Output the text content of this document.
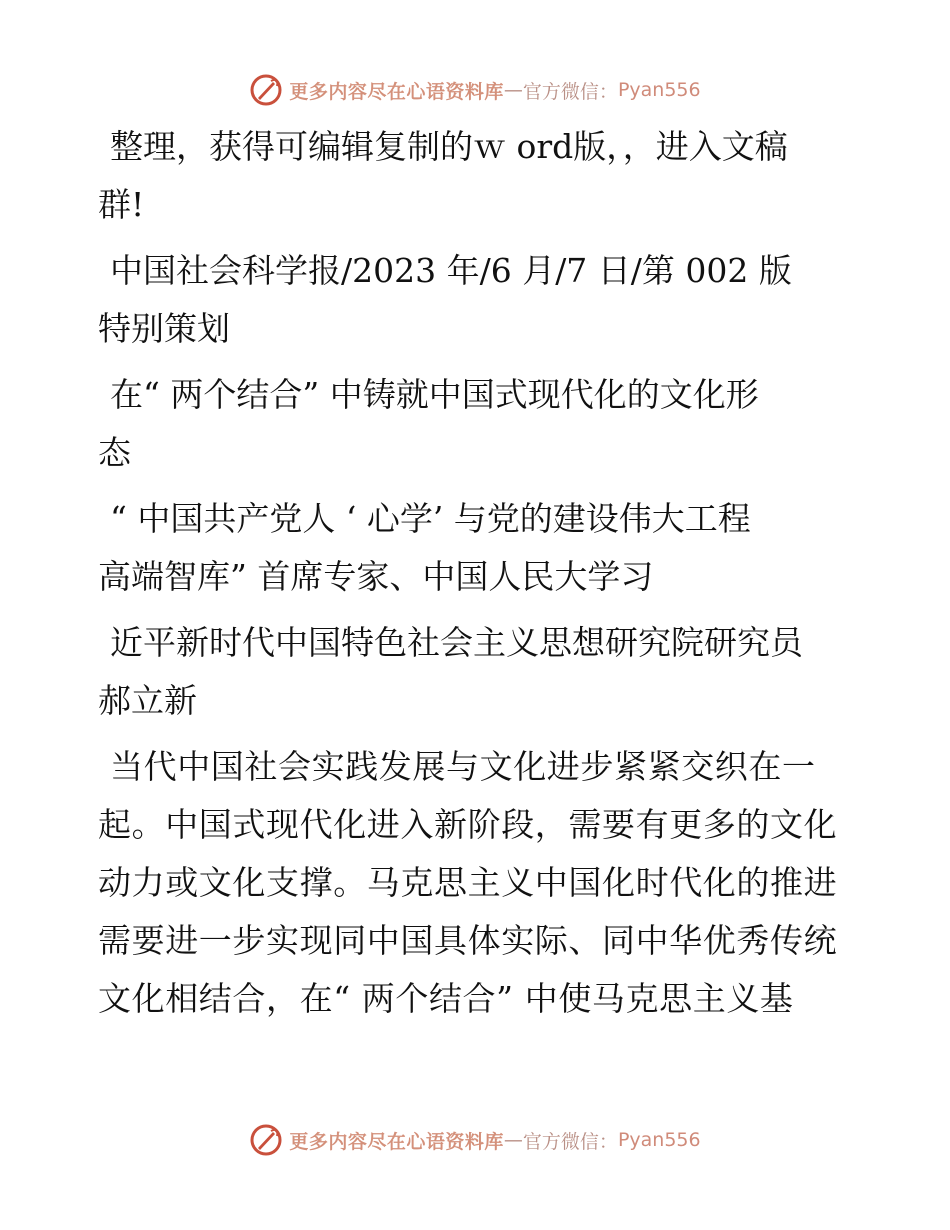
更多内容尽在心语资料库 — 官方微信： Pyan556
整理，获得可编辑复制的ｗ ord版，，进入文稿
群!
中国社会科学报/2023 年/6 月/7 日/第 002 版
特别策划
在“ 两个结合” 中铸就中国式现代化的文化形
态
“ 中国共产党人 ‘ 心学’ 与党的建设伟大工程
高端智库” 首席专家、中国人民大学习
近平新时代中国特色社会主义思想研究院研究员
郝立新
当代中国社会实践发展与文化进步紧紧交织在一
起。中国式现代化进入新阶段，需要有更多的文化
动力或文化支撑。马克思主义中国化时代化的推进
需要进一步实现同中国具体实际、同中华优秀传统
文化相结合，在“ 两个结合” 中使马克思主义基
更多内容尽在心语资料库 — 官方微信： Pyan556
